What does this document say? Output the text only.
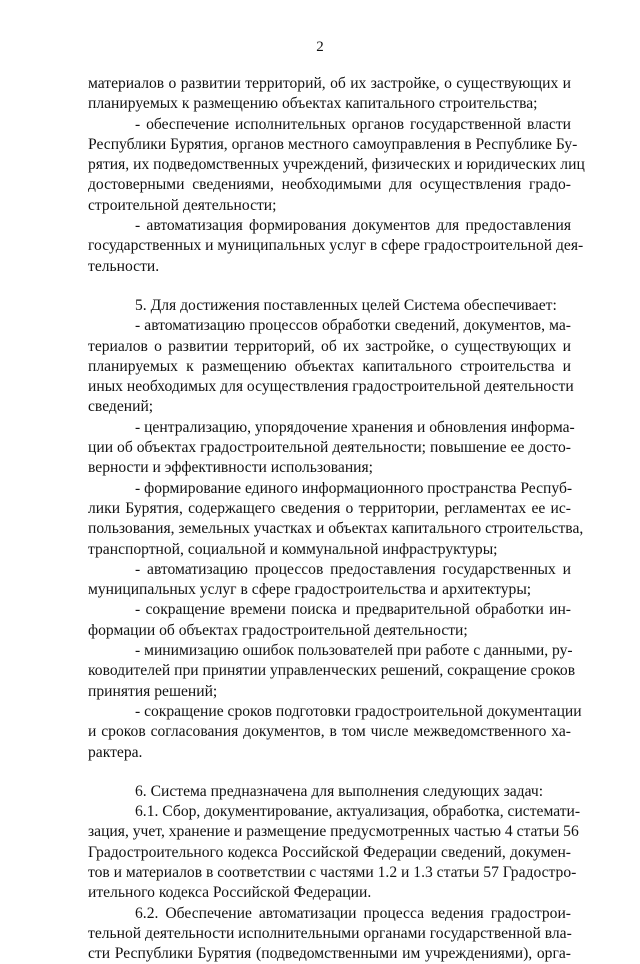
2
материалов о развитии территорий, об их застройке, о существующих и
планируемых к размещению объектах капитального строительства;
- обеспечение исполнительных органов государственной власти
Республики Бурятия, органов местного самоуправления в Республике Бу-
рятия, их подведомственных учреждений, физических и юридических лиц
достоверными сведениями, необходимыми для осуществления градо-
строительной деятельности;
- автоматизация формирования документов для предоставления
государственных и муниципальных услуг в сфере градостроительной дея-
тельности.
5. Для достижения поставленных целей Система обеспечивает:
- автоматизацию процессов обработки сведений, документов, ма-
териалов о развитии территорий, об их застройке, о существующих и
планируемых к размещению объектах капитального строительства и
иных необходимых для осуществления градостроительной деятельности
сведений;
- централизацию, упорядочение хранения и обновления информа-
ции об объектах градостроительной деятельности; повышение ее досто-
верности и эффективности использования;
- формирование единого информационного пространства Респуб-
лики Бурятия, содержащего сведения о территории, регламентах ее ис-
пользования, земельных участках и объектах капитального строительства,
транспортной, социальной и коммунальной инфраструктуры;
- автоматизацию процессов предоставления государственных и
муниципальных услуг в сфере градостроительства и архитектуры;
- сокращение времени поиска и предварительной обработки ин-
формации об объектах градостроительной деятельности;
- минимизацию ошибок пользователей при работе с данными, ру-
ководителей при принятии управленческих решений, сокращение сроков
принятия решений;
- сокращение сроков подготовки градостроительной документации
и сроков согласования документов, в том числе межведомственного ха-
рактера.
6. Система предназначена для выполнения следующих задач:
6.1. Сбор, документирование, актуализация, обработка, системати-
зация, учет, хранение и размещение предусмотренных частью 4 статьи 56
Градостроительного кодекса Российской Федерации сведений, докумен-
тов и материалов в соответствии с частями 1.2 и 1.3 статьи 57 Градостро-
ительного кодекса Российской Федерации.
6.2. Обеспечение автоматизации процесса ведения градострои-
тельной деятельности исполнительными органами государственной вла-
сти Республики Бурятия (подведомственными им учреждениями), орга-
